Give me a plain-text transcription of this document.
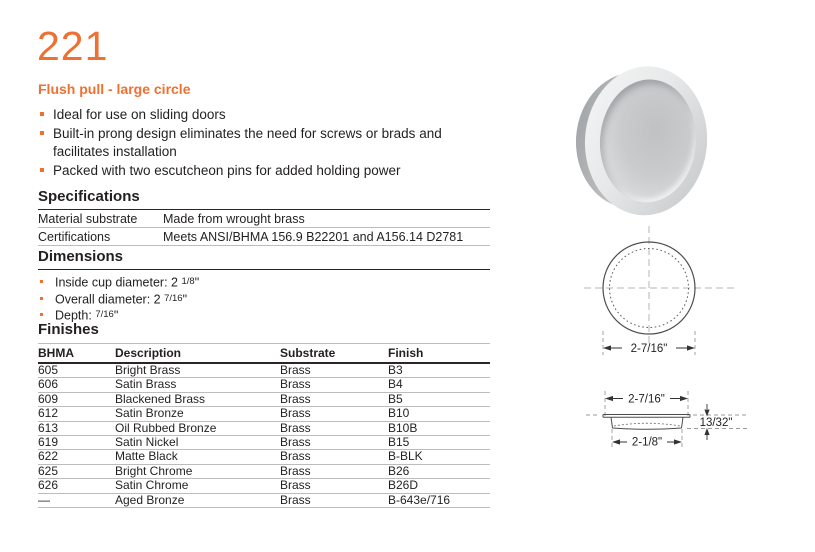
221
Flush pull - large circle
Ideal for use on sliding doors
Built-in prong design eliminates the need for screws or brads and facilitates installation
Packed with two escutcheon pins for added holding power
Specifications
Material substrate	Made from wrought brass
Certifications	Meets ANSI/BHMA 156.9 B22201 and A156.14 D2781
Dimensions
Inside cup diameter: 2 $^{1/8}$"
Overall diameter: 2 $^{7/16}$"
Depth: $^{7/16}$"
Finishes
BHMA	Description	Substrate	Finish
605	Bright Brass	Brass	B3
606	Satin Brass	Brass	B4
609	Blackened Brass	Brass	B5
612	Satin Bronze	Brass	B10
613	Oil Rubbed Bronze	Brass	B10B
619	Satin Nickel	Brass	B15
622	Matte Black	Brass	B-BLK
625	Bright Chrome	Brass	B26
626	Satin Chrome	Brass	B26D
—	Aged Bronze	Brass	B-643e/716
2-7/16"
2-7/16"
2-1/8"
13/32"
